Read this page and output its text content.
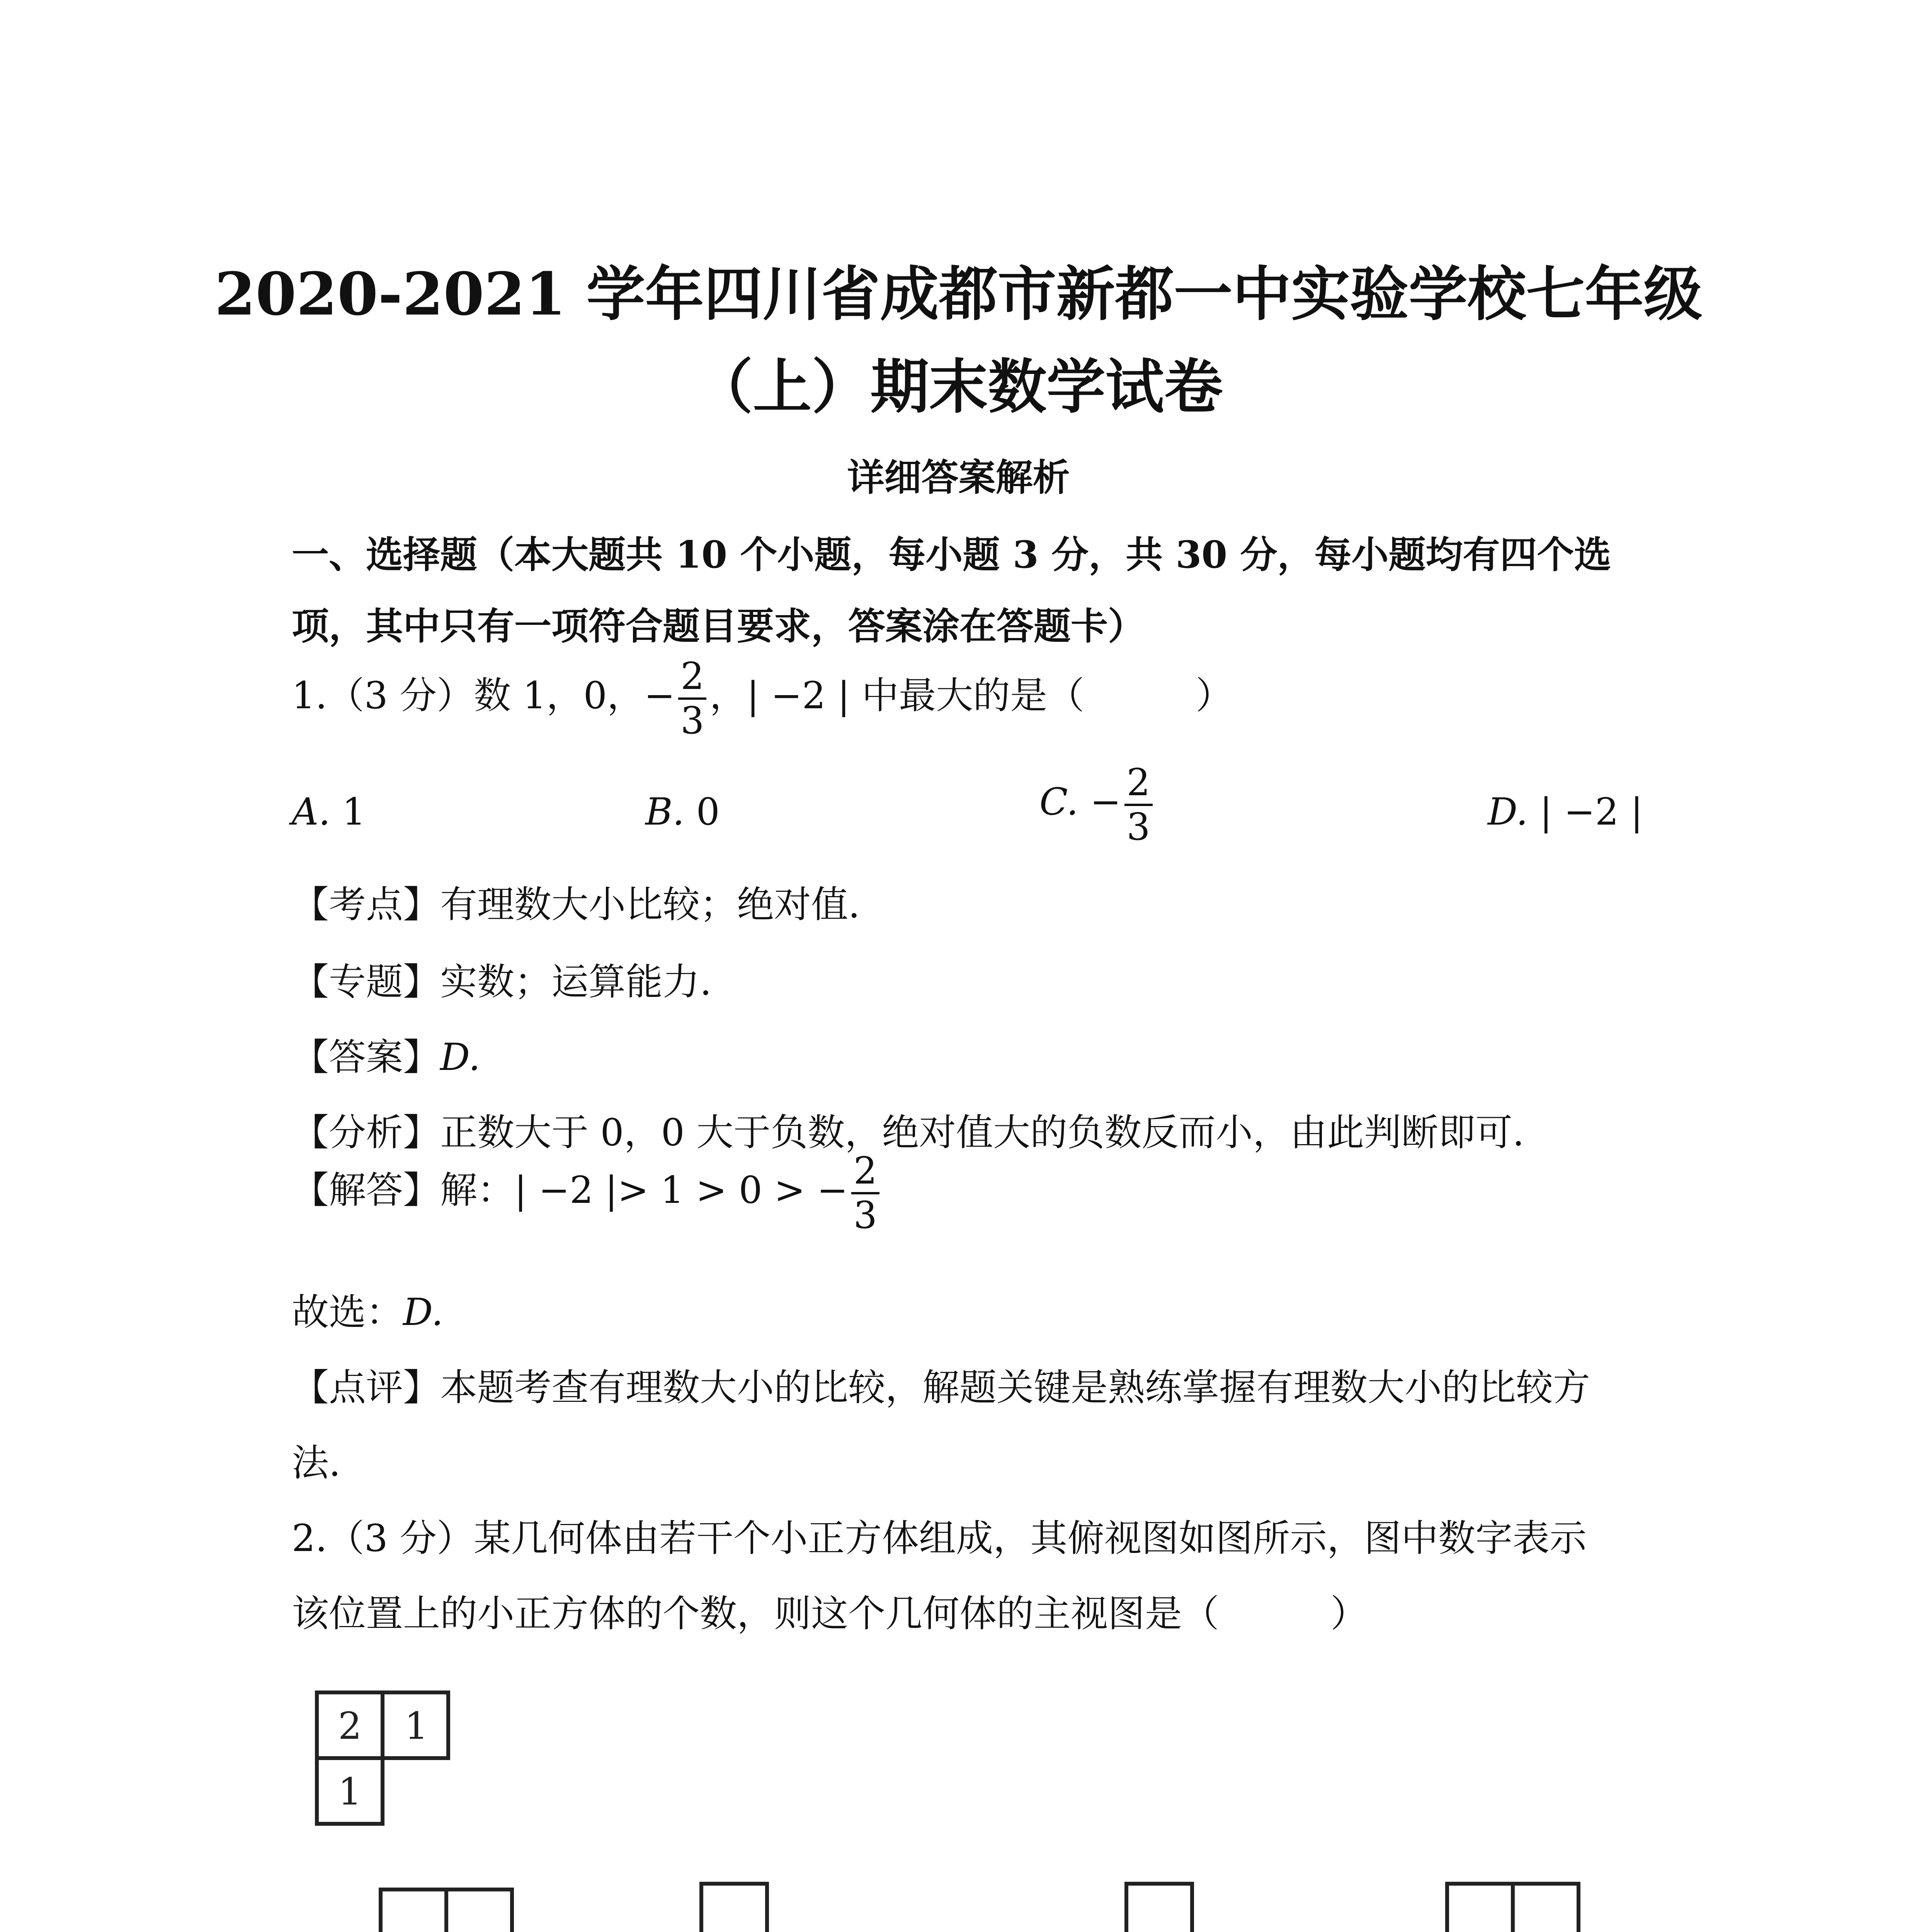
2020-2021 学年四川省成都市新都一中实验学校七年级
（上）期末数学试卷
详细答案解析
一、选择题（本大题共 10 个小题，每小题 3 分，共 30 分，每小题均有四个选
项，其中只有一项符合题目要求，答案涂在答题卡）
1.（3 分）数 1，0，− 2
3
，| −2 | 中最大的是（　　　）
A. 1	B. 0	C. − 2
3	D. | −2 |
【考点】有理数大小比较；绝对值.
【专题】实数；运算能力.
【答案】D.
【分析】正数大于 0，0 大于负数，绝对值大的负数反而小，由此判断即可.
【解答】解：| −2 |> 1 > 0 > − 2
3
故选：D.
【点评】本题考查有理数大小的比较，解题关键是熟练掌握有理数大小的比较方
法.
2.（3 分）某几何体由若干个小正方体组成，其俯视图如图所示，图中数字表示
该位置上的小正方体的个数，则这个几何体的主视图是（　　　）
2 1
1
